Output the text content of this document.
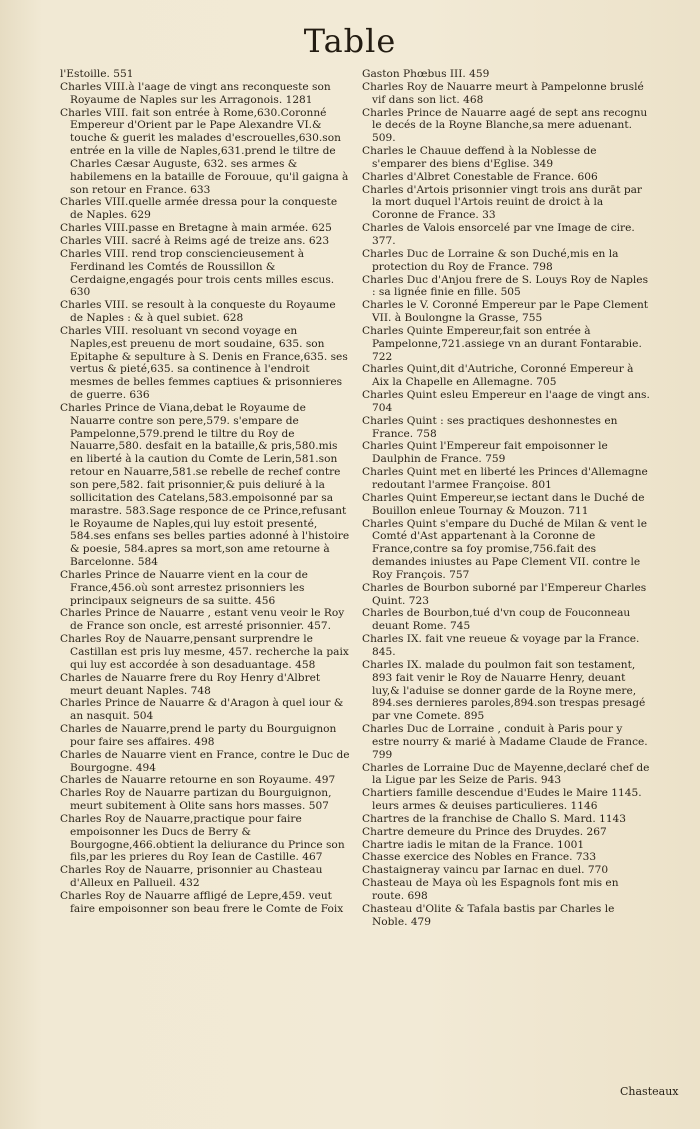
Table

l'Estoille. 551

Charles VIII.à l'aage de vingt ans reconqueste son Royaume de Naples sur les Arragonois. 1281

Charles VIII. fait son entrée à Rome,630.Coronné Empereur d'Orient par le Pape Alexandre VI.& touche & guerit les malades d'escrouelles,630.son entrée en la ville de Naples,631.prend le tiltre de Charles Cæsar Auguste, 632. ses armes & habilemens en la bataille de Forouue, qu'il gaigna à son retour en France. 633

Charles VIII.quelle armée dressa pour la conqueste de Naples. 629

Charles VIII.passe en Bretagne à main armée. 625

Charles VIII. sacré à Reims agé de treize ans. 623

Charles VIII. rend trop consciencieusement à Ferdinand les Comtés de Roussillon & Cerdaigne,engagés pour trois cents milles escus. 630

Charles VIII. se resoult à la conqueste du Royaume de Naples : & à quel subiet. 628

Charles VIII. resoluant vn second voyage en Naples,est preuenu de mort soudaine, 635. son Epitaphe & sepulture à S. Denis en France,635. ses vertus & pieté,635. sa continence à l'endroit mesmes de belles femmes captiues & prisonnieres de guerre. 636

Charles Prince de Viana,debat le Royaume de Nauarre contre son pere,579. s'empare de Pampelonne,579.prend le tiltre du Roy de Nauarre,580. desfait en la bataille,& pris,580.mis en liberté à la caution du Comte de Lerin,581.son retour en Nauarre,581.se rebelle de rechef contre son pere,582. fait prisonnier,& puis deliuré à la sollicitation des Catelans,583.empoisonné par sa marastre. 583.Sage responce de ce Prince,refusant le Royaume de Naples,qui luy estoit presenté, 584.ses enfans ses belles parties adonné à l'histoire & poesie, 584.apres sa mort,son ame retourne à Barcelonne. 584

Charles Prince de Nauarre vient en la cour de France,456.où sont arrestez prisonniers les principaux seigneurs de sa suitte. 456

Charles Prince de Nauarre , estant venu veoir le Roy de France son oncle, est arresté prisonnier. 457.

Charles Roy de Nauarre,pensant surprendre le Castillan est pris luy mesme, 457. recherche la paix qui luy est accordée à son desaduantage. 458

Charles de Nauarre frere du Roy Henry d'Albret meurt deuant Naples. 748

Charles Prince de Nauarre & d'Aragon à quel iour & an nasquit. 504

Charles de Nauarre,prend le party du Bourguignon pour faire ses affaires. 498

Charles de Nauarre vient en France, contre le Duc de Bourgogne. 494

Charles de Nauarre retourne en son Royaume. 497

Charles Roy de Nauarre partizan du Bourguignon, meurt subitement à Olite sans hors masses. 507

Charles Roy de Nauarre,practique pour faire empoisonner les Ducs de Berry & Bourgogne,466.obtient la deliurance du Prince son fils,par les prieres du Roy Iean de Castille. 467

Charles Roy de Nauarre, prisonnier au Chasteau d'Alleux en Pallueil. 432

Charles Roy de Nauarre affligé de Lepre,459. veut faire empoisonner son beau frere le Comte de Foix

Gaston Phœbus III. 459

Charles Roy de Nauarre meurt à Pampelonne bruslé vif dans son lict. 468

Charles Prince de Nauarre aagé de sept ans recognu le decés de la Royne Blanche,sa mere aduenant. 509.

Charles le Chauue deffend à la Noblesse de s'emparer des biens d'Eglise. 349

Charles d'Albret Conestable de France. 606

Charles d'Artois prisonnier vingt trois ans durāt par la mort duquel l'Artois reuint de droict à la Coronne de France. 33

Charles de Valois ensorcelé par vne Image de cire. 377.

Charles Duc de Lorraine & son Duché,mis en la protection du Roy de France. 798

Charles Duc d'Anjou frere de S. Louys Roy de Naples : sa lignée finie en fille. 505

Charles le V. Coronné Empereur par le Pape Clement VII. à Boulongne la Grasse, 755

Charles Quinte Empereur,fait son entrée à Pampelonne,721.assiege vn an durant Fontarabie. 722

Charles Quint,dit d'Autriche, Coronné Empereur à Aix la Chapelle en Allemagne. 705

Charles Quint esleu Empereur en l'aage de vingt ans. 704

Charles Quint : ses practiques deshonnestes en France. 758

Charles Quint l'Empereur fait empoisonner le Daulphin de France. 759

Charles Quint met en liberté les Princes d'Allemagne redoutant l'armee Françoise. 801

Charles Quint Empereur,se iectant dans le Duché de Bouillon enleue Tournay & Mouzon. 711

Charles Quint s'empare du Duché de Milan & vent le Comté d'Ast appartenant à la Coronne de France,contre sa foy promise,756.fait des demandes iniustes au Pape Clement VII. contre le Roy François. 757

Charles de Bourbon suborné par l'Empereur Charles Quint. 723

Charles de Bourbon,tué d'vn coup de Fouconneau deuant Rome. 745

Charles IX. fait vne reueue & voyage par la France. 845.

Charles IX. malade du poulmon fait son testament, 893 fait venir le Roy de Nauarre Henry, deuant luy,& l'aduise se donner garde de la Royne mere, 894.ses dernieres paroles,894.son trespas presagé par vne Comete. 895

Charles Duc de Lorraine , conduit à Paris pour y estre nourry & marié à Madame Claude de France. 799

Charles de Lorraine Duc de Mayenne,declaré chef de la Ligue par les Seize de Paris. 943

Chartiers famille descendue d'Eudes le Maire 1145. leurs armes & deuises particulieres. 1146

Chartres de la franchise de Challo S. Mard. 1143

Chartre demeure du Prince des Druydes. 267

Chartre iadis le mitan de la France. 1001

Chasse exercice des Nobles en France. 733

Chastaigneray vaincu par Iarnac en duel. 770

Chasteau de Maya où les Espagnols font mis en route. 698

Chasteau d'Olite & Tafala bastis par Charles le Noble. 479

Chasteaux
